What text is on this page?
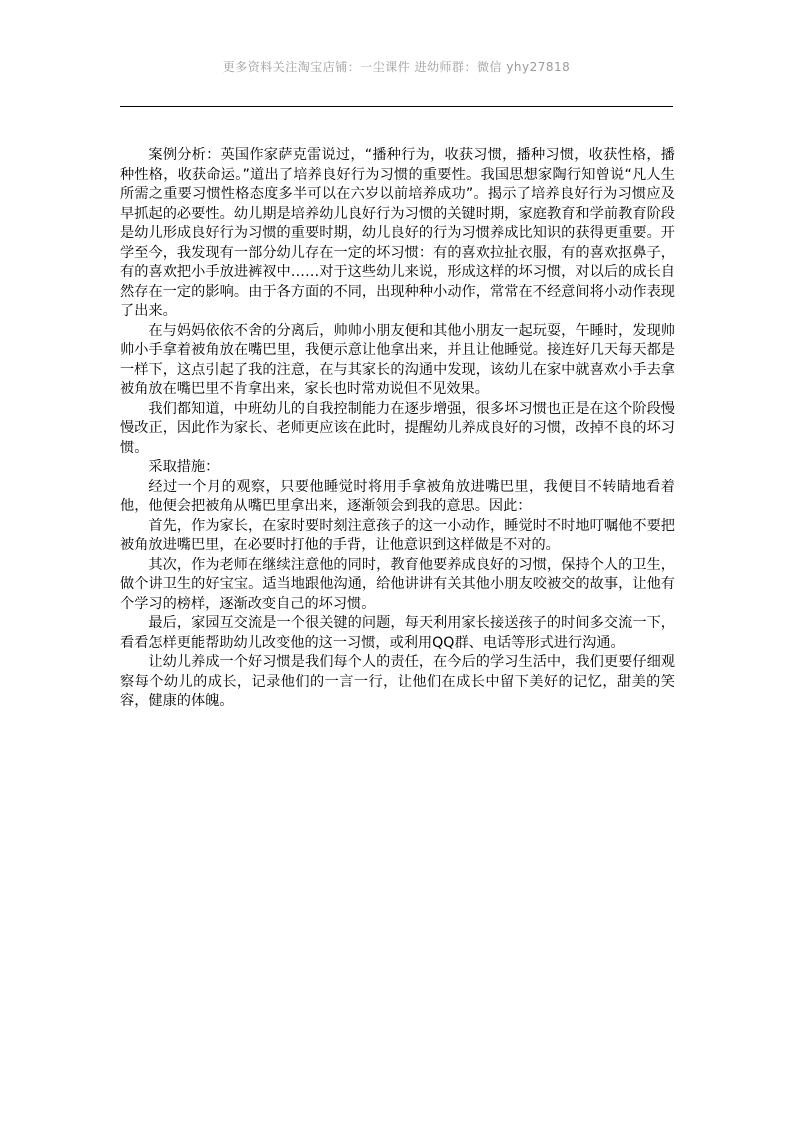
更多资料关注淘宝店铺：一尘课件 进幼师群：微信 yhy27818

案例分析：英国作家萨克雷说过，“播种行为，收获习惯，播种习惯，收获性格，播种性格，收获命运。”道出了培养良好行为习惯的重要性。我国思想家陶行知曾说“凡人生所需之重要习惯性格态度多半可以在六岁以前培养成功”。揭示了培养良好行为习惯应及早抓起的必要性。幼儿期是培养幼儿良好行为习惯的关键时期，家庭教育和学前教育阶段是幼儿形成良好行为习惯的重要时期，幼儿良好的行为习惯养成比知识的获得更重要。开学至今，我发现有一部分幼儿存在一定的坏习惯：有的喜欢拉扯衣服，有的喜欢抠鼻子，有的喜欢把小手放进裤衩中……对于这些幼儿来说，形成这样的坏习惯，对以后的成长自然存在一定的影响。由于各方面的不同，出现种种小动作，常常在不经意间将小动作表现了出来。

在与妈妈依依不舍的分离后，帅帅小朋友便和其他小朋友一起玩耍，午睡时，发现帅帅小手拿着被角放在嘴巴里，我便示意让他拿出来，并且让他睡觉。接连好几天每天都是一样下，这点引起了我的注意，在与其家长的沟通中发现，该幼儿在家中就喜欢小手去拿被角放在嘴巴里不肯拿出来，家长也时常劝说但不见效果。

我们都知道，中班幼儿的自我控制能力在逐步增强，很多坏习惯也正是在这个阶段慢慢改正，因此作为家长、老师更应该在此时，提醒幼儿养成良好的习惯，改掉不良的坏习惯。

采取措施：

经过一个月的观察，只要他睡觉时将用手拿被角放进嘴巴里，我便目不转睛地看着他，他便会把被角从嘴巴里拿出来，逐渐领会到我的意思。因此：

首先，作为家长，在家时要时刻注意孩子的这一小动作，睡觉时不时地叮嘱他不要把被角放进嘴巴里，在必要时打他的手背，让他意识到这样做是不对的。

其次，作为老师在继续注意他的同时，教育他要养成良好的习惯，保持个人的卫生，做个讲卫生的好宝宝。适当地跟他沟通，给他讲讲有关其他小朋友咬被交的故事，让他有个学习的榜样，逐渐改变自己的坏习惯。

最后，家园互交流是一个很关键的问题，每天利用家长接送孩子的时间多交流一下，看看怎样更能帮助幼儿改变他的这一习惯，或利用QQ群、电话等形式进行沟通。

让幼儿养成一个好习惯是我们每个人的责任，在今后的学习生活中，我们更要仔细观察每个幼儿的成长，记录他们的一言一行，让他们在成长中留下美好的记忆，甜美的笑容，健康的体魄。
